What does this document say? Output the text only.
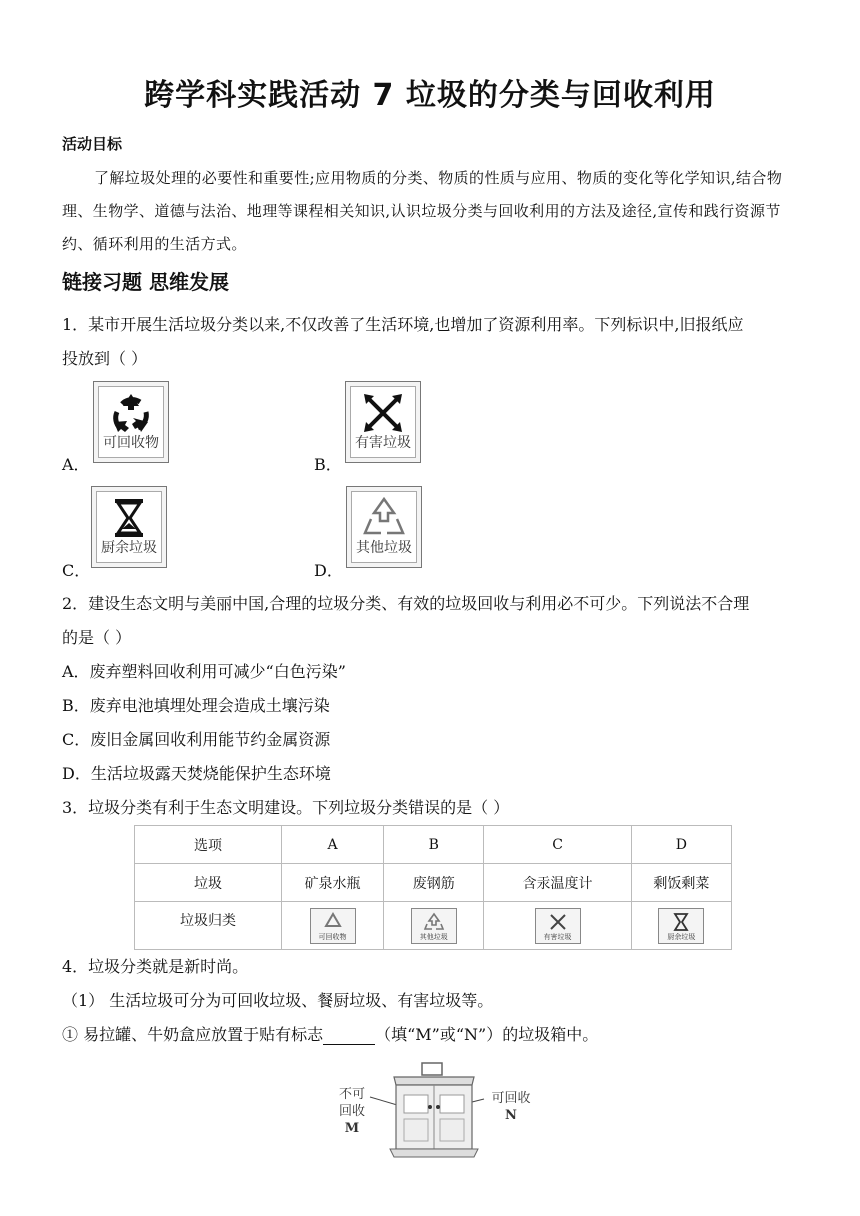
跨学科实践活动 7 垃圾的分类与回收利用
活动目标
了解垃圾处理的必要性和重要性;应用物质的分类、物质的性质与应用、物质的变化等化学知识,结合物理、生物学、道德与法治、地理等课程相关知识,认识垃圾分类与回收利用的方法及途径,宣传和践行资源节约、循环利用的生活方式。
链接习题 思维发展
1．某市开展生活垃圾分类以来,不仅改善了生活环境,也增加了资源利用率。下列标识中,旧报纸应
投放到（ ）
A．
可回收物
B．
有害垃圾
C．
厨余垃圾
D．
其他垃圾
2．建设生态文明与美丽中国,合理的垃圾分类、有效的垃圾回收与利用必不可少。下列说法不合理
的是（ ）
A．废弃塑料回收利用可减少“白色污染”
B．废弃电池填埋处理会造成土壤污染
C．废旧金属回收利用能节约金属资源
D．生活垃圾露天焚烧能保护生态环境
3．垃圾分类有利于生态文明建设。下列垃圾分类错误的是（ ）
选项	A	B	C	D
垃圾	矿泉水瓶	废钢筋	含汞温度计	剩饭剩菜
垃圾归类	可回收物	其他垃圾	有害垃圾	厨余垃圾
4．垃圾分类就是新时尚。
（1） 生活垃圾可分为可回收垃圾、餐厨垃圾、有害垃圾等。
① 易拉罐、牛奶盒应放置于贴有标志	（填“M”或“N”）的垃圾箱中。
不可
回收
M
可回收
N
